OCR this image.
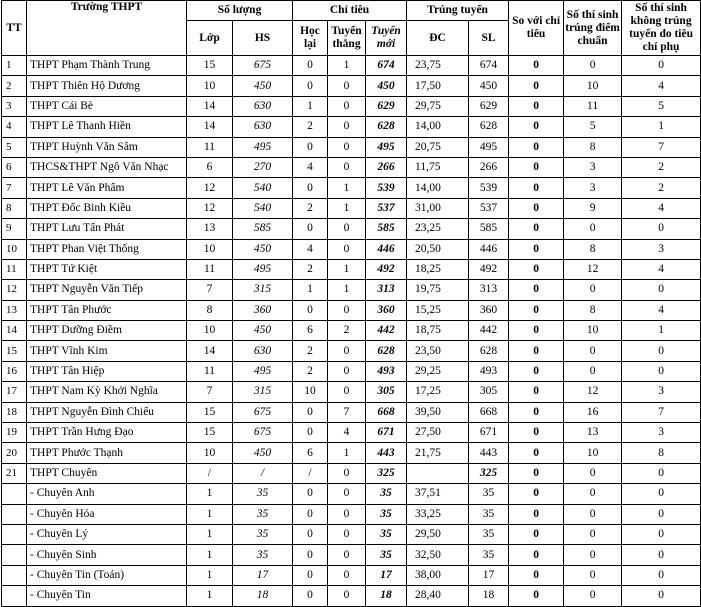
TT	Trường THPT	Số lượng		Chỉ tiêu			Trúng tuyển		So với chỉ tiêu	Số thí sinh trúng điểm chuẩn	Số thí sinh không trúng tuyển do tiêu chí phụ
		Lớp	HS	Học lại	Tuyển thẳng	Tuyển mới	ĐC	SL			
1	THPT Phạm Thành Trung	15	675	0	1	674	23,75	674	0	0	0
2	THPT Thiên Hộ Dương	10	450	0	0	450	17,50	450	0	10	4
3	THPT Cái Bè	14	630	1	0	629	29,75	629	0	11	5
4	THPT Lê Thanh Hiền	14	630	2	0	628	14,00	628	0	5	1
5	THPT Huỳnh Văn Sâm	11	495	0	0	495	20,75	495	0	8	7
6	THCS&THPT Ngô Văn Nhạc	6	270	4	0	266	11,75	266	0	3	2
7	THPT Lê Văn Phẩm	12	540	0	1	539	14,00	539	0	3	2
8	THPT Đốc Binh Kiều	12	540	2	1	537	31,00	537	0	9	4
9	THPT Lưu Tấn Phát	13	585	0	0	585	23,25	585	0	0	0
10	THPT Phan Việt Thống	10	450	4	0	446	20,50	446	0	8	3
11	THPT Tứ Kiệt	11	495	2	1	492	18,25	492	0	12	4
12	THPT Nguyễn Văn Tiếp	7	315	1	1	313	19,75	313	0	0	0
13	THPT Tân Phước	8	360	0	0	360	15,25	360	0	8	4
14	THPT Dưỡng Điềm	10	450	6	2	442	18,75	442	0	10	1
15	THPT Vĩnh Kim	14	630	2	0	628	23,50	628	0	0	0
16	THPT Tân Hiệp	11	495	2	0	493	29,25	493	0	0	0
17	THPT Nam Kỳ Khởi Nghĩa	7	315	10	0	305	17,25	305	0	12	3
18	THPT Nguyễn Đình Chiểu	15	675	0	7	668	39,50	668	0	16	7
19	THPT Trần Hưng Đạo	15	675	0	4	671	27,50	671	0	13	3
20	THPT Phước Thạnh	10	450	6	1	443	21,75	443	0	10	8
21	THPT Chuyên	/	/	/	0	325		325	0	0	0
	- Chuyên Anh	1	35	0	0	35	37,51	35	0	0	0
	- Chuyên Hóa	1	35	0	0	35	33,25	35	0	0	0
	- Chuyên Lý	1	35	0	0	35	29,50	35	0	0	0
	- Chuyên Sinh	1	35	0	0	35	32,50	35	0	0	0
	- Chuyên Tin (Toán)	1	17	0	0	17	38,00	17	0	0	0
	- Chuyên Tin	1	18	0	0	18	28,40	18	0	0	0
